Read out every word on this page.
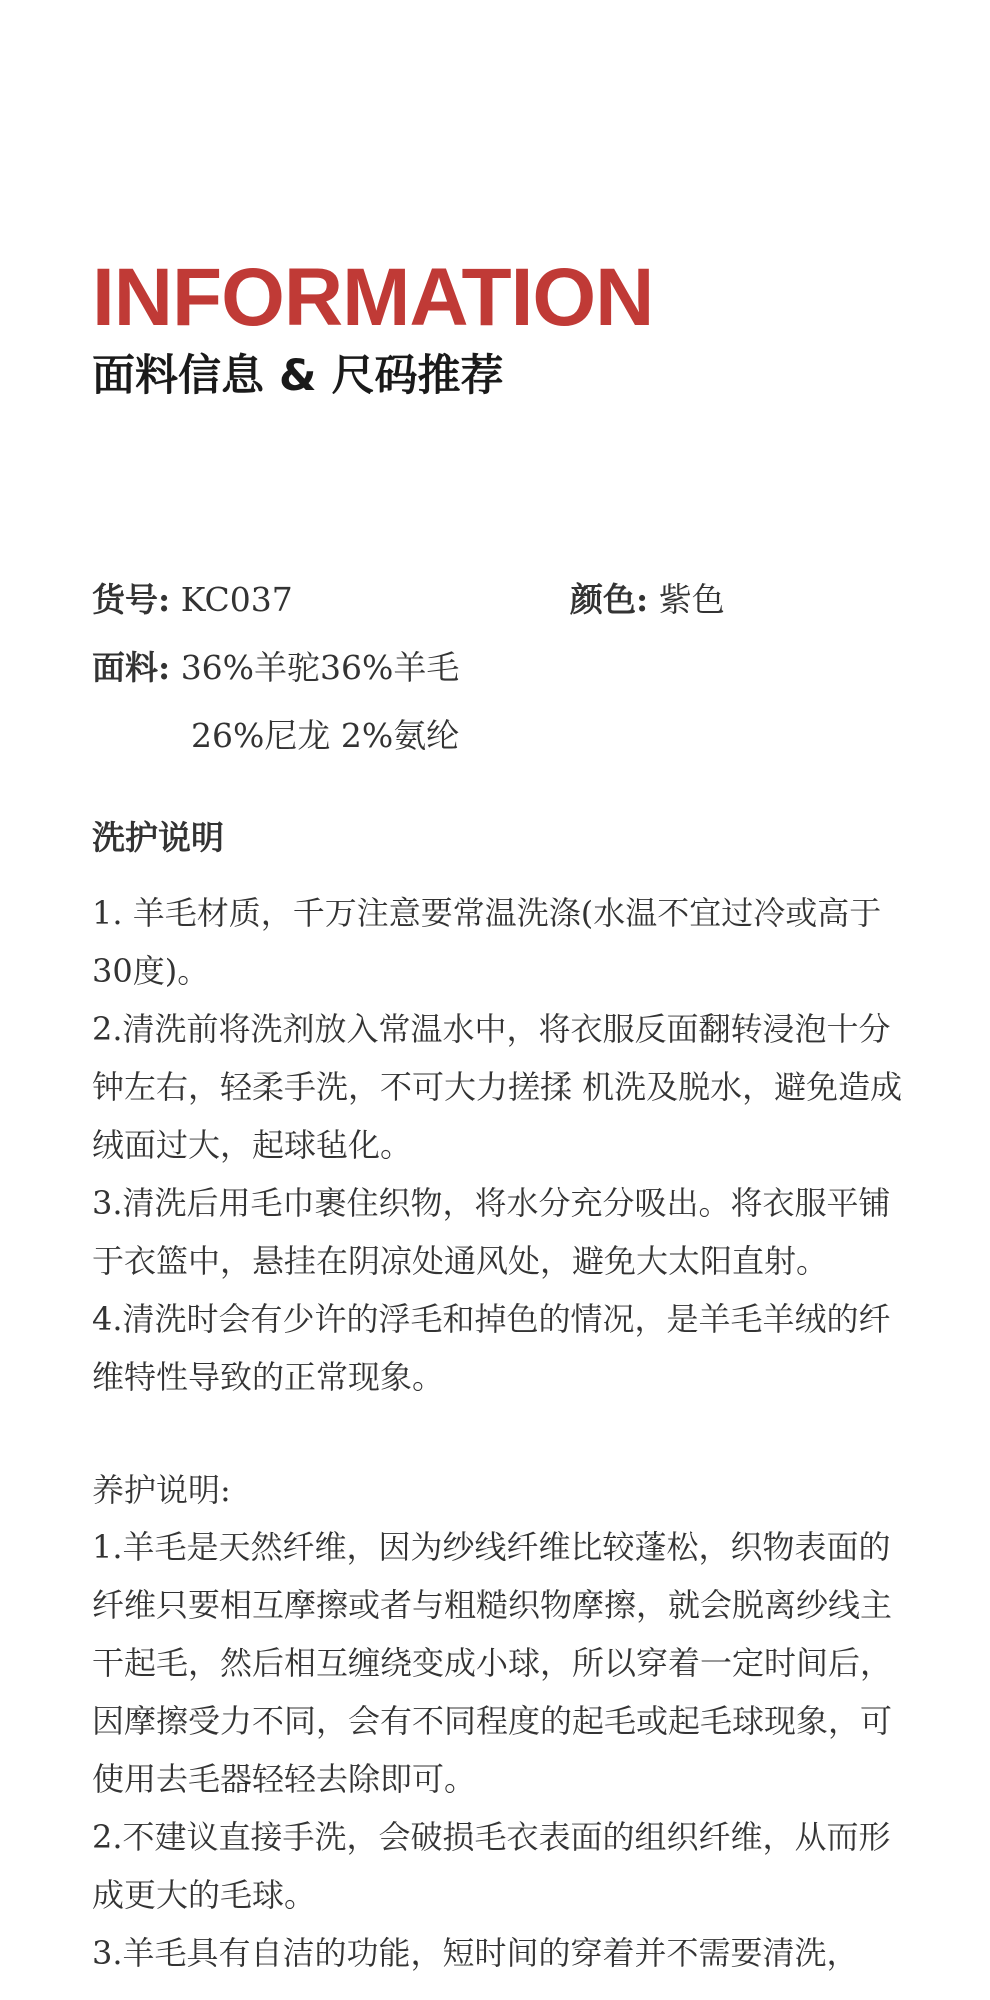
INFORMATION
面料信息 & 尺码推荐
货号: KC037	颜色: 紫色
面料: 36%羊驼36%羊毛
26%尼龙 2%氨纶
洗护说明

1. 羊毛材质，千万注意要常温洗涤(水温不宜过冷或高于30度)。

2.清洗前将洗剂放入常温水中，将衣服反面翻转浸泡十分钟左右，轻柔手洗，不可大力搓揉 机洗及脱水，避免造成绒面过大，起球毡化。

3.清洗后用毛巾裹住织物，将水分充分吸出。将衣服平铺于衣篮中，悬挂在阴凉处通风处，避免大太阳直射。

4.清洗时会有少许的浮毛和掉色的情况，是羊毛羊绒的纤维特性导致的正常现象。

养护说明:

1.羊毛是天然纤维，因为纱线纤维比较蓬松，织物表面的纤维只要相互摩擦或者与粗糙织物摩擦，就会脱离纱线主干起毛，然后相互缠绕变成小球，所以穿着一定时间后，因摩擦受力不同，会有不同程度的起毛或起毛球现象，可使用去毛器轻轻去除即可。

2.不建议直接手洗，会破损毛衣表面的组织纤维，从而形成更大的毛球。

3.羊毛具有自洁的功能，短时间的穿着并不需要清洗，
